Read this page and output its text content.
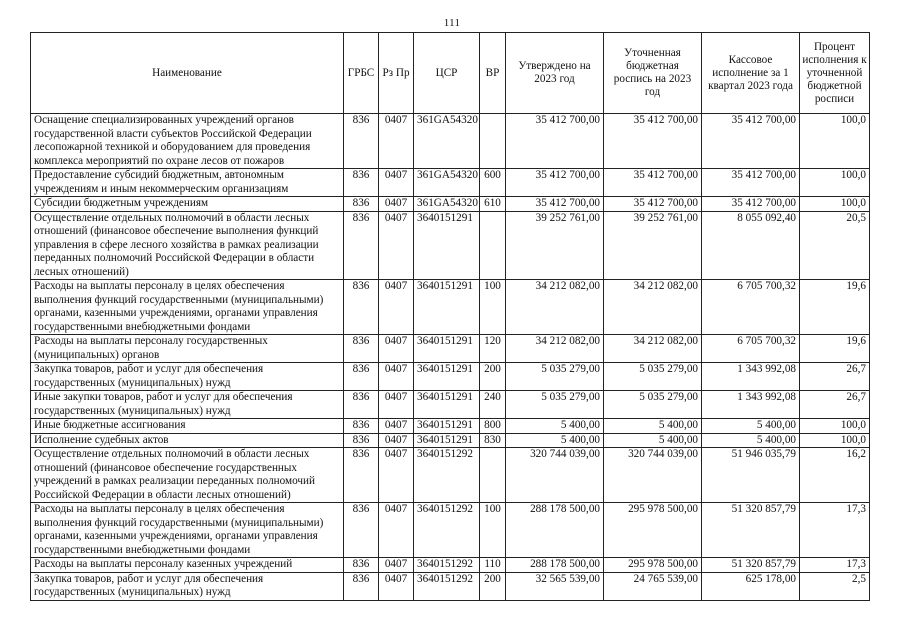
111
Наименование	ГРБС	Рз Пр	ЦСР	ВР	Утверждено на 2023 год	Уточненная бюджетная роспись на 2023 год	Кассовое исполнение за 1 квартал 2023 года	Процент исполнения к уточненной бюджетной росписи
Оснащение специализированных учреждений органов государственной власти субъектов Российской Федерации лесопожарной техникой и оборудованием для проведения комплекса мероприятий по охране лесов от пожаров	836	0407	361GA54320		35 412 700,00	35 412 700,00	35 412 700,00	100,0
Предоставление субсидий бюджетным, автономным учреждениям и иным некоммерческим организациям	836	0407	361GA54320	600	35 412 700,00	35 412 700,00	35 412 700,00	100,0
Субсидии бюджетным учреждениям	836	0407	361GA54320	610	35 412 700,00	35 412 700,00	35 412 700,00	100,0
Осуществление отдельных полномочий в области лесных отношений (финансовое обеспечение выполнения функций управления в сфере лесного хозяйства в рамках реализации переданных полномочий Российской Федерации в области лесных отношений)	836	0407	3640151291		39 252 761,00	39 252 761,00	8 055 092,40	20,5
Расходы на выплаты персоналу в целях обеспечения выполнения функций государственными (муниципальными) органами, казенными учреждениями, органами управления государственными внебюджетными фондами	836	0407	3640151291	100	34 212 082,00	34 212 082,00	6 705 700,32	19,6
Расходы на выплаты персоналу государственных (муниципальных) органов	836	0407	3640151291	120	34 212 082,00	34 212 082,00	6 705 700,32	19,6
Закупка товаров, работ и услуг для обеспечения государственных (муниципальных) нужд	836	0407	3640151291	200	5 035 279,00	5 035 279,00	1 343 992,08	26,7
Иные закупки товаров, работ и услуг для обеспечения государственных (муниципальных) нужд	836	0407	3640151291	240	5 035 279,00	5 035 279,00	1 343 992,08	26,7
Иные бюджетные ассигнования	836	0407	3640151291	800	5 400,00	5 400,00	5 400,00	100,0
Исполнение судебных актов	836	0407	3640151291	830	5 400,00	5 400,00	5 400,00	100,0
Осуществление отдельных полномочий в области лесных отношений (финансовое обеспечение государственных учреждений в рамках реализации переданных полномочий Российской Федерации в области лесных отношений)	836	0407	3640151292		320 744 039,00	320 744 039,00	51 946 035,79	16,2
Расходы на выплаты персоналу в целях обеспечения выполнения функций государственными (муниципальными) органами, казенными учреждениями, органами управления государственными внебюджетными фондами	836	0407	3640151292	100	288 178 500,00	295 978 500,00	51 320 857,79	17,3
Расходы на выплаты персоналу казенных учреждений	836	0407	3640151292	110	288 178 500,00	295 978 500,00	51 320 857,79	17,3
Закупка товаров, работ и услуг для обеспечения государственных (муниципальных) нужд	836	0407	3640151292	200	32 565 539,00	24 765 539,00	625 178,00	2,5
